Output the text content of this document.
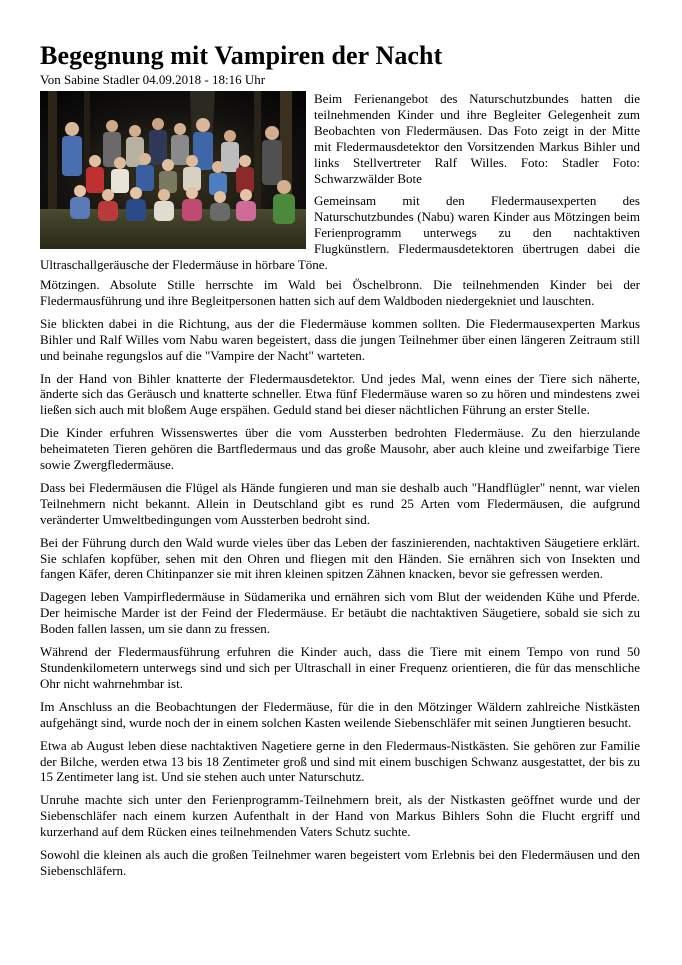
Begegnung mit Vampiren der Nacht
Von Sabine Stadler 04.09.2018 - 18:16 Uhr

Beim Ferienangebot des Naturschutzbundes hatten die teilnehmenden Kinder und ihre Begleiter Gelegenheit zum Beobachten von Fledermäusen. Das Foto zeigt in der Mitte mit Fledermausdetektor den Vorsitzenden Markus Bihler und links Stellvertreter Ralf Willes. Foto: Stadler Foto: Schwarzwälder Bote

Gemeinsam mit den Fledermausexperten des Naturschutzbundes (Nabu) waren Kinder aus Mötzingen beim Ferienprogramm unterwegs zu den nachtaktiven Flugkünstlern. Fledermausdetektoren übertrugen dabei die Ultraschallgeräusche der Fledermäuse in hörbare Töne.

Mötzingen. Absolute Stille herrschte im Wald bei Öschelbronn. Die teilnehmenden Kinder bei der Fledermausführung und ihre Begleitpersonen hatten sich auf dem Waldboden niedergekniet und lauschten.

Sie blickten dabei in die Richtung, aus der die Fledermäuse kommen sollten. Die Fledermausexperten Markus Bihler und Ralf Willes vom Nabu waren begeistert, dass die jungen Teilnehmer über einen längeren Zeitraum still und beinahe regungslos auf die "Vampire der Nacht" warteten.

In der Hand von Bihler knatterte der Fledermausdetektor. Und jedes Mal, wenn eines der Tiere sich näherte, änderte sich das Geräusch und knatterte schneller. Etwa fünf Fledermäuse waren so zu hören und mindestens zwei ließen sich auch mit bloßem Auge erspähen. Geduld stand bei dieser nächtlichen Führung an erster Stelle.

Die Kinder erfuhren Wissenswertes über die vom Aussterben bedrohten Fledermäuse. Zu den hierzulande beheimateten Tieren gehören die Bartfledermaus und das große Mausohr, aber auch kleine und zweifarbige Tiere sowie Zwergfledermäuse.

Dass bei Fledermäusen die Flügel als Hände fungieren und man sie deshalb auch "Handflügler" nennt, war vielen Teilnehmern nicht bekannt. Allein in Deutschland gibt es rund 25 Arten vom Fledermäusen, die aufgrund veränderter Umweltbedingungen vom Aussterben bedroht sind.

Bei der Führung durch den Wald wurde vieles über das Leben der faszinierenden, nachtaktiven Säugetiere erklärt. Sie schlafen kopfüber, sehen mit den Ohren und fliegen mit den Händen. Sie ernähren sich von Insekten und fangen Käfer, deren Chitinpanzer sie mit ihren kleinen spitzen Zähnen knacken, bevor sie gefressen werden.

Dagegen leben Vampirfledermäuse in Südamerika und ernähren sich vom Blut der weidenden Kühe und Pferde. Der heimische Marder ist der Feind der Fledermäuse. Er betäubt die nachtaktiven Säugetiere, sobald sie sich zu Boden fallen lassen, um sie dann zu fressen.

Während der Fledermausführung erfuhren die Kinder auch, dass die Tiere mit einem Tempo von rund 50 Stundenkilometern unterwegs sind und sich per Ultraschall in einer Frequenz orientieren, die für das menschliche Ohr nicht wahrnehmbar ist.

Im Anschluss an die Beobachtungen der Fledermäuse, für die in den Mötzinger Wäldern zahlreiche Nistkästen aufgehängt sind, wurde noch der in einem solchen Kasten weilende Siebenschläfer mit seinen Jungtieren besucht.

Etwa ab August leben diese nachtaktiven Nagetiere gerne in den Fledermaus-Nistkästen. Sie gehören zur Familie der Bilche, werden etwa 13 bis 18 Zentimeter groß und sind mit einem buschigen Schwanz ausgestattet, der bis zu 15 Zentimeter lang ist. Und sie stehen auch unter Naturschutz.

Unruhe machte sich unter den Ferienprogramm-Teilnehmern breit, als der Nistkasten geöffnet wurde und der Siebenschläfer nach einem kurzen Aufenthalt in der Hand von Markus Bihlers Sohn die Flucht ergriff und kurzerhand auf dem Rücken eines teilnehmenden Vaters Schutz suchte.

Sowohl die kleinen als auch die großen Teilnehmer waren begeistert vom Erlebnis bei den Fledermäusen und den Siebenschläfern.
